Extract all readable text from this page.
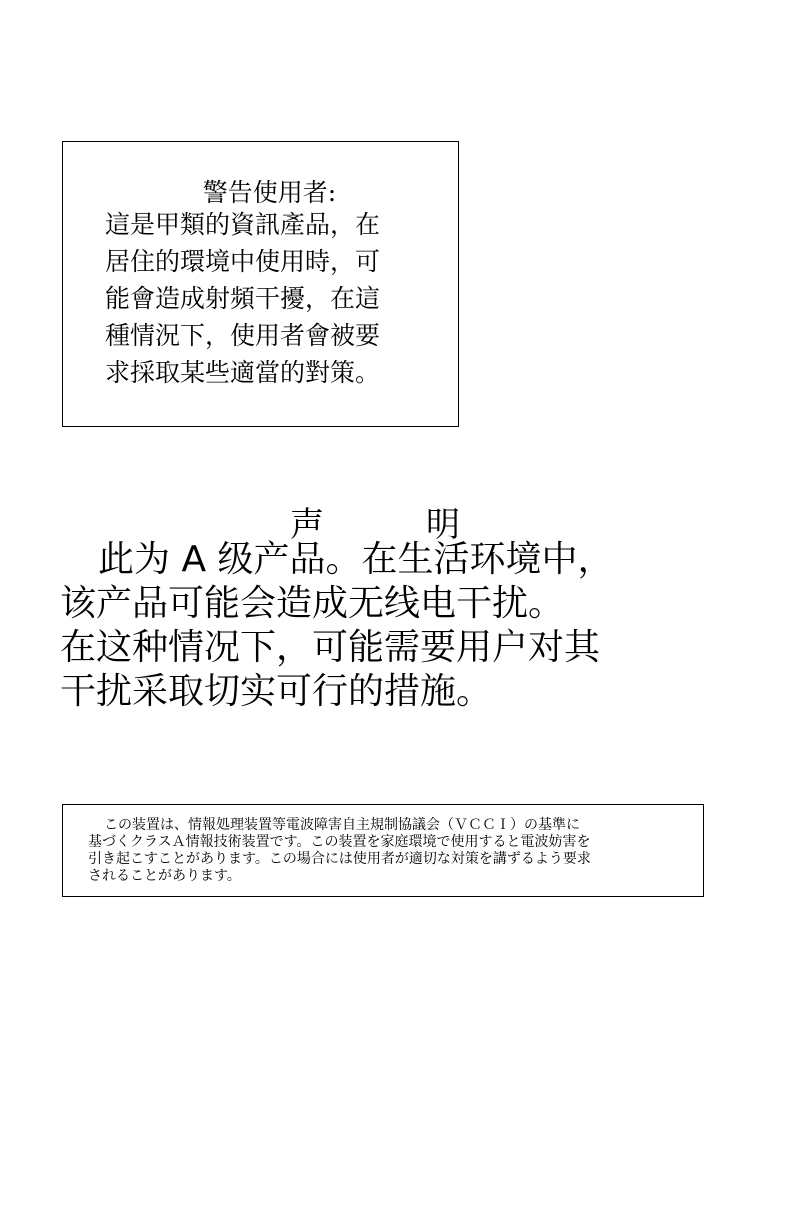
警告使用者:
這是甲類的資訊產品，在
居住的環境中使用時，可
能會造成射頻干擾，在這
種情況下，使用者會被要
求採取某些適當的對策。
声	明
此为 A 级产品。在生活环境中，
该产品可能会造成无线电干扰。
在这种情况下，可能需要用户对其
干扰采取切实可行的措施。
この装置は、情報処理装置等電波障害自主規制協議会（ＶＣＣＩ）の基準に
基づくクラスＡ情報技術装置です。この装置を家庭環境で使用すると電波妨害を
引き起こすことがあります。この場合には使用者が適切な対策を講ずるよう要求
されることがあります。
